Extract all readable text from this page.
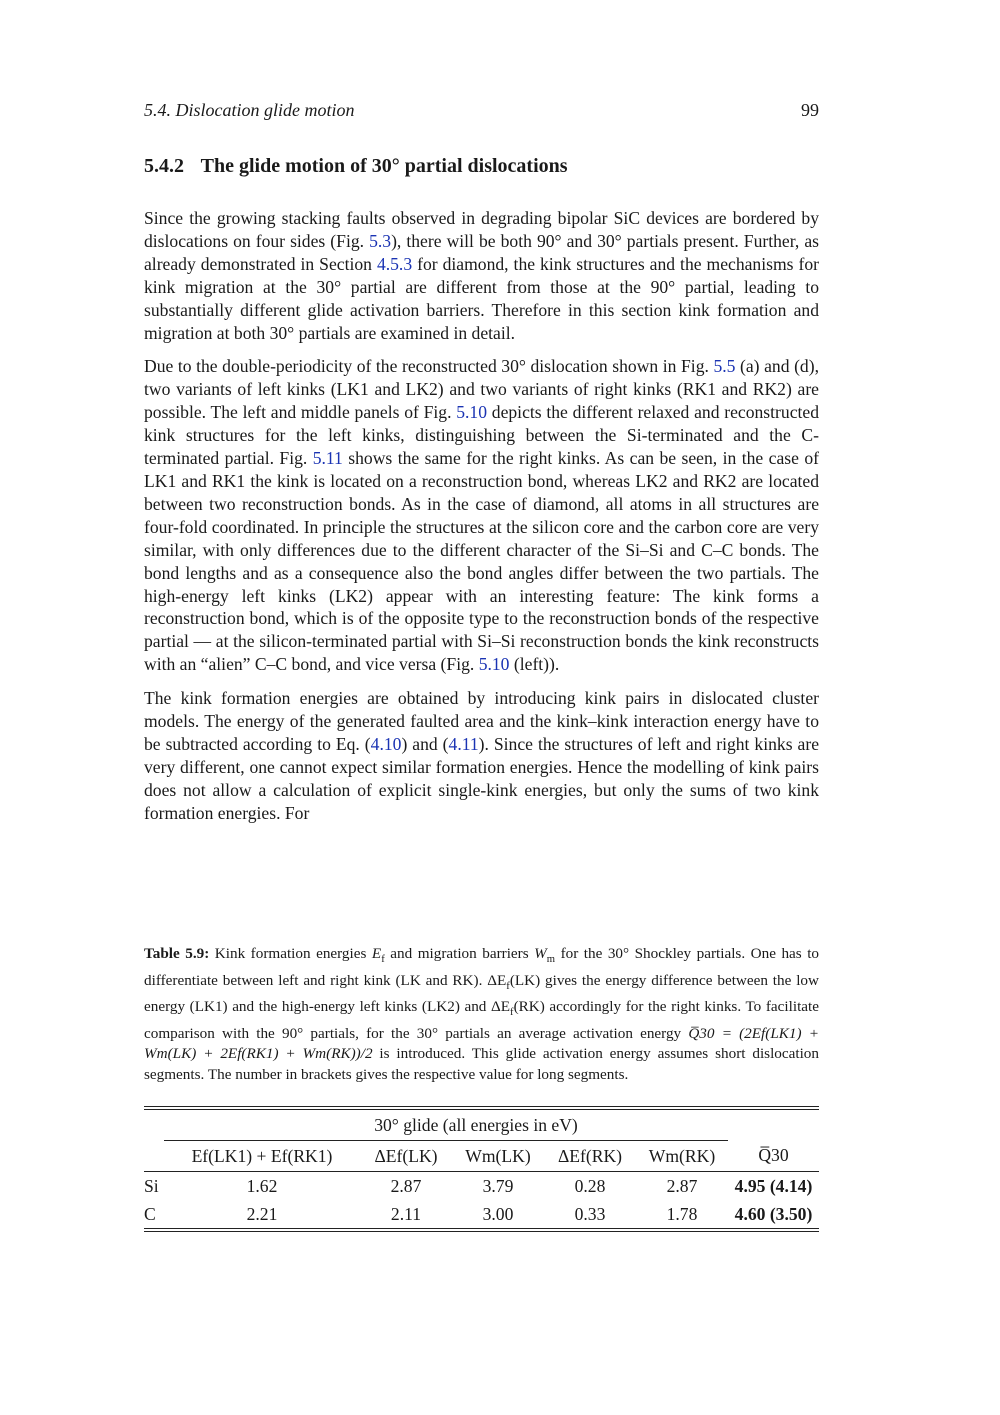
5.4. Dislocation glide motion	99
5.4.2 The glide motion of 30° partial dislocations

Since the growing stacking faults observed in degrading bipolar SiC devices are bordered by dislocations on four sides (Fig. 5.3), there will be both 90° and 30° partials present. Further, as already demonstrated in Section 4.5.3 for diamond, the kink structures and the mechanisms for kink migration at the 30° partial are different from those at the 90° partial, leading to substantially different glide activation barriers. Therefore in this section kink formation and migration at both 30° partials are examined in detail.

Due to the double-periodicity of the reconstructed 30° dislocation shown in Fig. 5.5 (a) and (d), two variants of left kinks (LK1 and LK2) and two variants of right kinks (RK1 and RK2) are possible. The left and middle panels of Fig. 5.10 depicts the different relaxed and reconstructed kink structures for the left kinks, distinguishing between the Si-terminated and the C-terminated partial. Fig. 5.11 shows the same for the right kinks. As can be seen, in the case of LK1 and RK1 the kink is located on a reconstruction bond, whereas LK2 and RK2 are located between two reconstruction bonds. As in the case of diamond, all atoms in all structures are four-fold coordinated. In principle the structures at the silicon core and the carbon core are very similar, with only differences due to the different character of the Si–Si and C–C bonds. The bond lengths and as a consequence also the bond angles differ between the two partials. The high-energy left kinks (LK2) appear with an interesting feature: The kink forms a reconstruction bond, which is of the opposite type to the reconstruction bonds of the respective partial — at the silicon-terminated partial with Si–Si reconstruction bonds the kink reconstructs with an “alien” C–C bond, and vice versa (Fig. 5.10 (left)).

The kink formation energies are obtained by introducing kink pairs in dislocated cluster models. The energy of the generated faulted area and the kink–kink interaction energy have to be subtracted according to Eq. (4.10) and (4.11). Since the structures of left and right kinks are very different, one cannot expect similar formation energies. Hence the modelling of kink pairs does not allow a calculation of explicit single-kink energies, but only the sums of two kink formation energies. For

Table 5.9: Kink formation energies $E_f$ and migration barriers $W_m$ for the 30° Shockley partials. One has to differentiate between left and right kink (LK and RK). $\Delta E_f(LK)$ gives the energy difference between the low energy (LK1) and the high-energy left kinks (LK2) and $\Delta E_f(RK)$ accordingly for the right kinks. To facilitate comparison with the 90° partials, for the 30° partials an average activation energy Q̅30 = (2Ef(LK1) + Wm(LK) + 2Ef(RK1) + Wm(RK))/2 is introduced. This glide activation energy assumes short dislocation segments. The number in brackets gives the respective value for long segments.
	30° glide (all energies in eV)					
	Ef(LK1) + Ef(RK1)	ΔEf(LK)	Wm(LK)	ΔEf(RK)	Wm(RK)	Q̅30
Si	1.62	2.87	3.79	0.28	2.87	4.95 (4.14)
C	2.21	2.11	3.00	0.33	1.78	4.60 (3.50)
